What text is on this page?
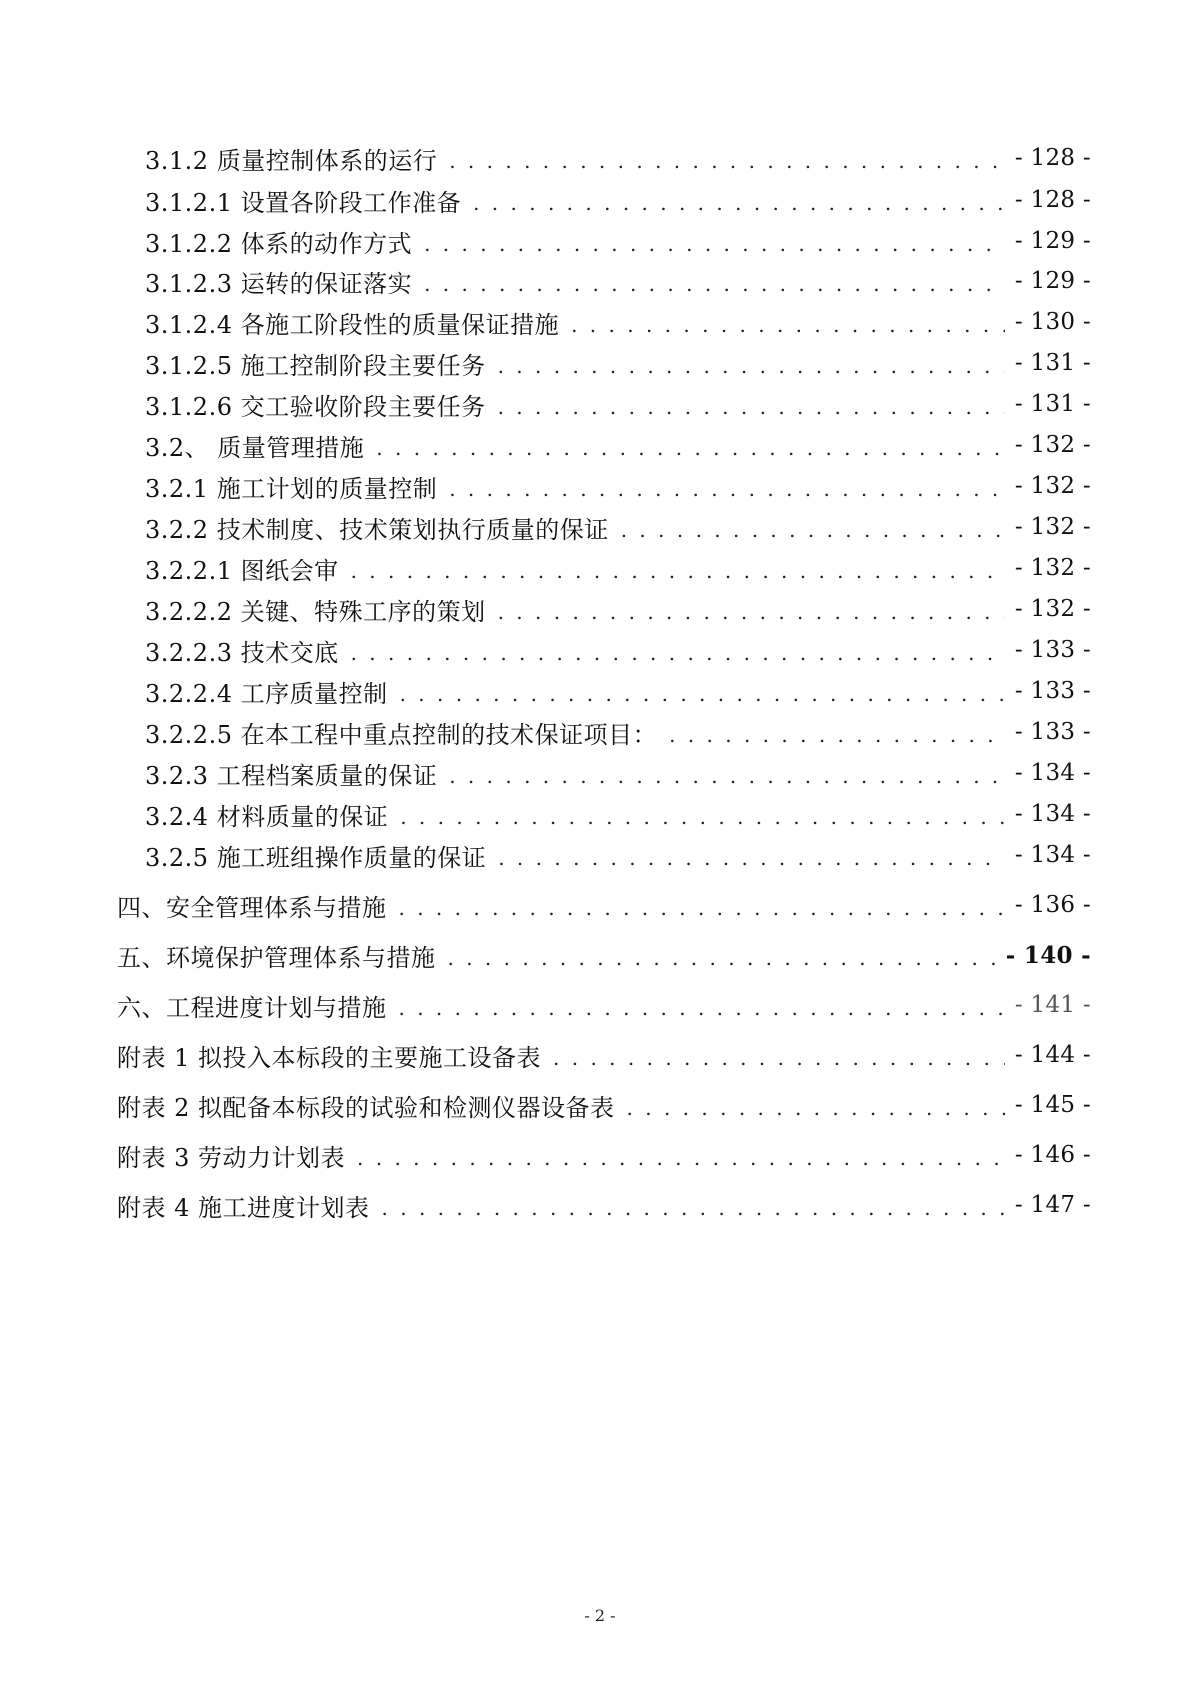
3.1.2 质量控制体系的运行 . . .	- 128 -
3.1.2.1 设置各阶段工作准备 . . .	- 128 -
3.1.2.2 体系的动作方式 . . .	- 129 -
3.1.2.3 运转的保证落实 . . .	- 129 -
3.1.2.4 各施工阶段性的质量保证措施 . . .	- 130 -
3.1.2.5 施工控制阶段主要任务 . . .	- 131 -
3.1.2.6 交工验收阶段主要任务 . . .	- 131 -
3.2、 质量管理措施 . . .	- 132 -
3.2.1 施工计划的质量控制 . . .	- 132 -
3.2.2 技术制度、技术策划执行质量的保证 . . .	- 132 -
3.2.2.1 图纸会审 . . .	- 132 -
3.2.2.2 关键、特殊工序的策划 . . .	- 132 -
3.2.2.3 技术交底 . . .	- 133 -
3.2.2.4 工序质量控制 . . .	- 133 -
3.2.2.5 在本工程中重点控制的技术保证项目： . . .	- 133 -
3.2.3 工程档案质量的保证 . . .	- 134 -
3.2.4 材料质量的保证 . . .	- 134 -
3.2.5 施工班组操作质量的保证 . . .	- 134 -
四、安全管理体系与措施 . . .	- 136 -
五、环境保护管理体系与措施 . . .	- 140 -
六、工程进度计划与措施 . . .	- 141 -
附表 1 拟投入本标段的主要施工设备表 . . .	- 144 -
附表 2 拟配备本标段的试验和检测仪器设备表 . . .	- 145 -
附表 3 劳动力计划表 . . .	- 146 -
附表 4 施工进度计划表 . . .	- 147 -
- 2 -
